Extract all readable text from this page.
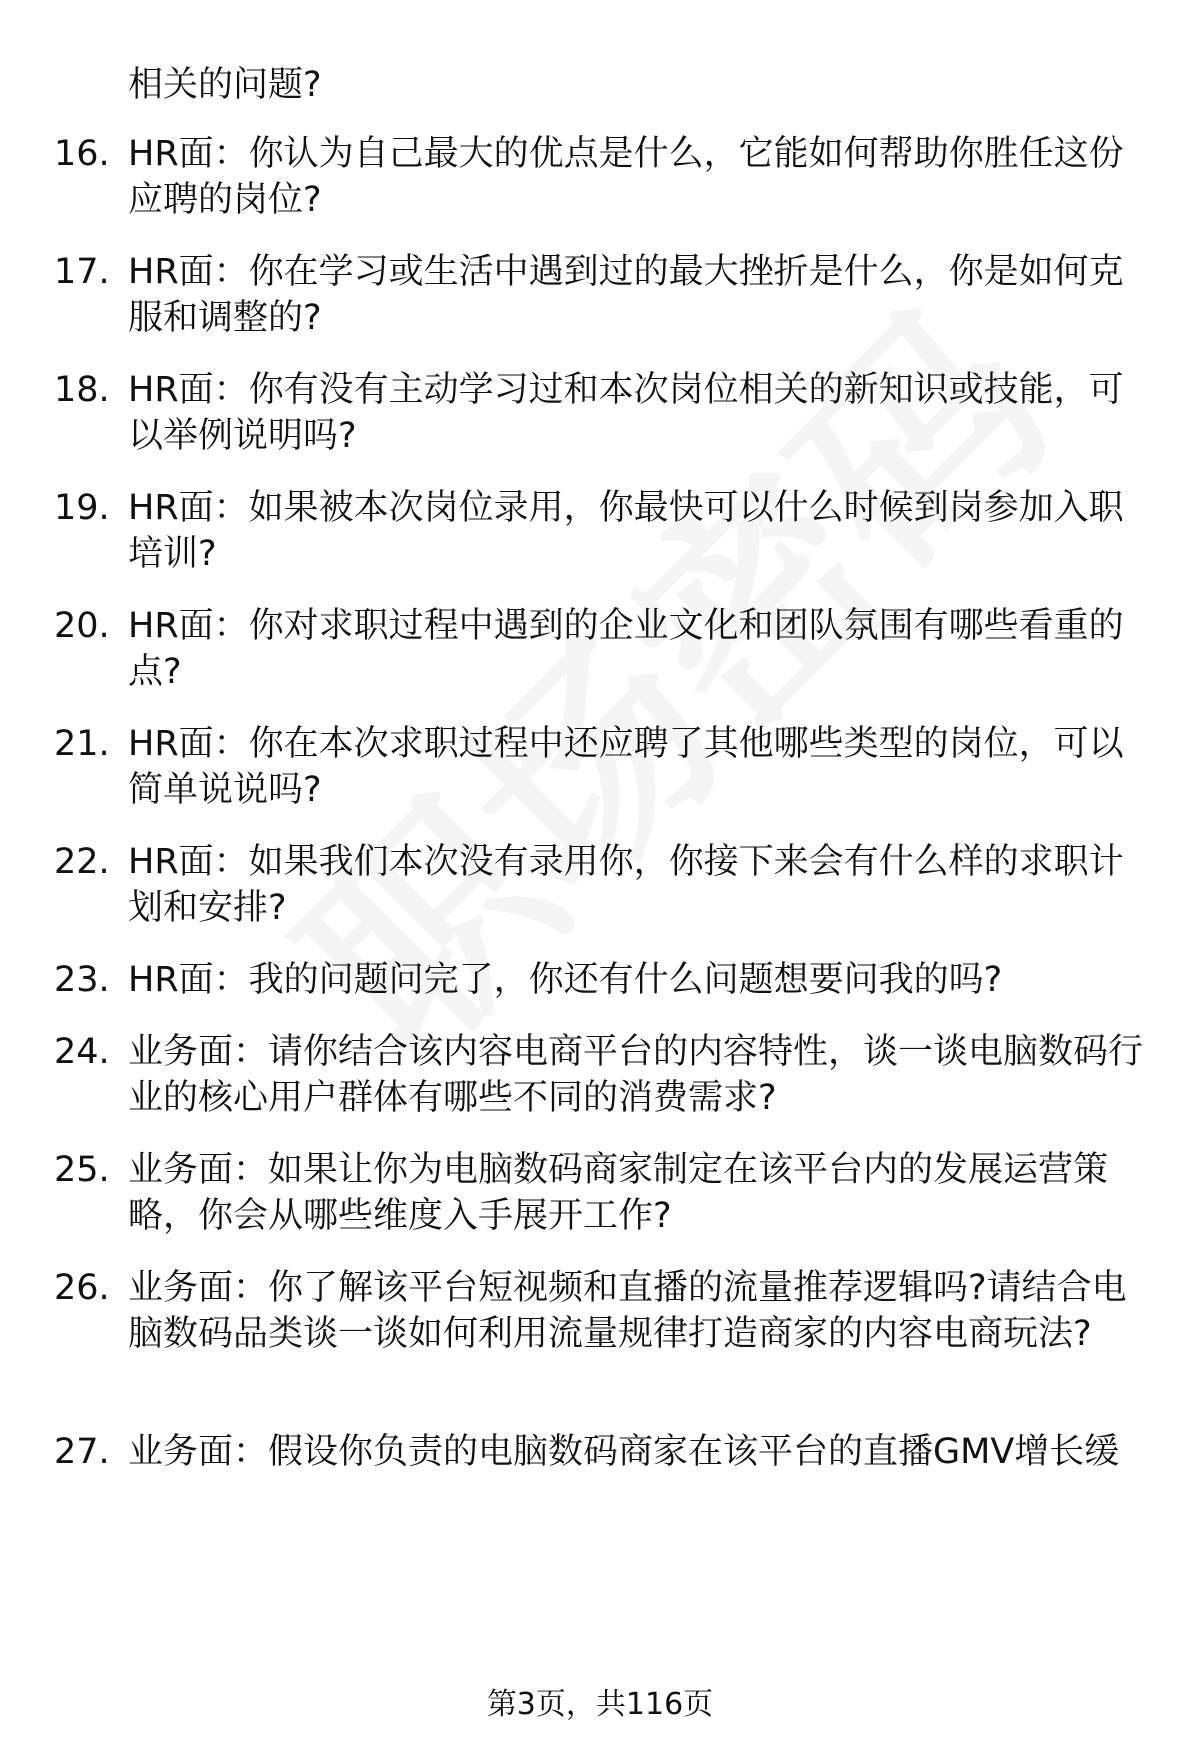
相关的问题?
16. HR面：你认为自己最大的优点是什么，它能如何帮助你胜任这份应聘的岗位?
17. HR面：你在学习或生活中遇到过的最大挫折是什么，你是如何克服和调整的?
18. HR面：你有没有主动学习过和本次岗位相关的新知识或技能，可以举例说明吗?
19. HR面：如果被本次岗位录用，你最快可以什么时候到岗参加入职培训?
20. HR面：你对求职过程中遇到的企业文化和团队氛围有哪些看重的点?
21. HR面：你在本次求职过程中还应聘了其他哪些类型的岗位，可以简单说说吗?
22. HR面：如果我们本次没有录用你，你接下来会有什么样的求职计划和安排?
23. HR面：我的问题问完了，你还有什么问题想要问我的吗?
24. 业务面：请你结合该内容电商平台的内容特性，谈一谈电脑数码行业的核心用户群体有哪些不同的消费需求?
25. 业务面：如果让你为电脑数码商家制定在该平台内的发展运营策略，你会从哪些维度入手展开工作?
26. 业务面：你了解该平台短视频和直播的流量推荐逻辑吗?请结合电脑数码品类谈一谈如何利用流量规律打造商家的内容电商玩法?
27. 业务面：假设你负责的电脑数码商家在该平台的直播GMV增长缓
第3页，共116页
